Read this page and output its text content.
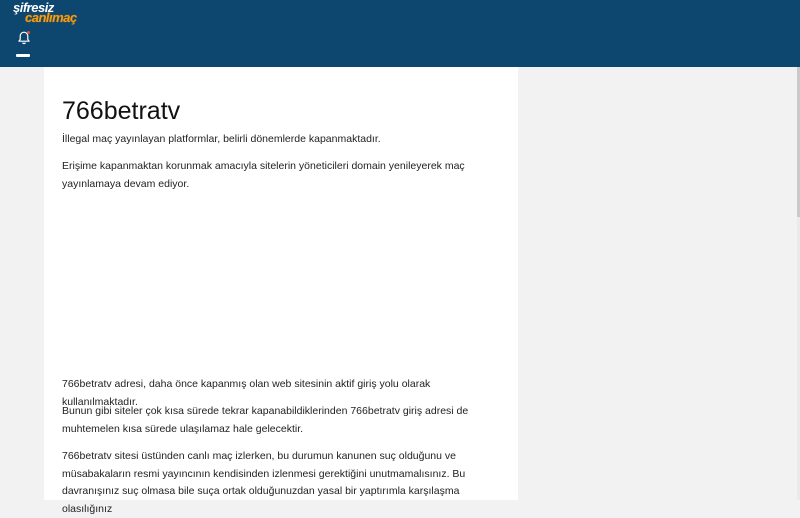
şifresiz
canlımaç
766betratv

İllegal maç yayınlayan platformlar, belirli dönemlerde kapanmaktadır.

Erişime kapanmaktan korunmak amacıyla sitelerin yöneticileri domain yenileyerek maç yayınlamaya devam ediyor.

766betratv adresi, daha önce kapanmış olan web sitesinin aktif giriş yolu olarak kullanılmaktadır.

Bunun gibi siteler çok kısa sürede tekrar kapanabildiklerinden 766betratv giriş adresi de muhtemelen kısa sürede ulaşılamaz hale gelecektir.

766betratv sitesi üstünden canlı maç izlerken, bu durumun kanunen suç olduğunu ve müsabakaların resmi yayıncının kendisinden izlenmesi gerektiğini unutmamalısınız. Bu davranışınız suç olmasa bile suça ortak olduğunuzdan yasal bir yaptırımla karşılaşma olasılığınız
